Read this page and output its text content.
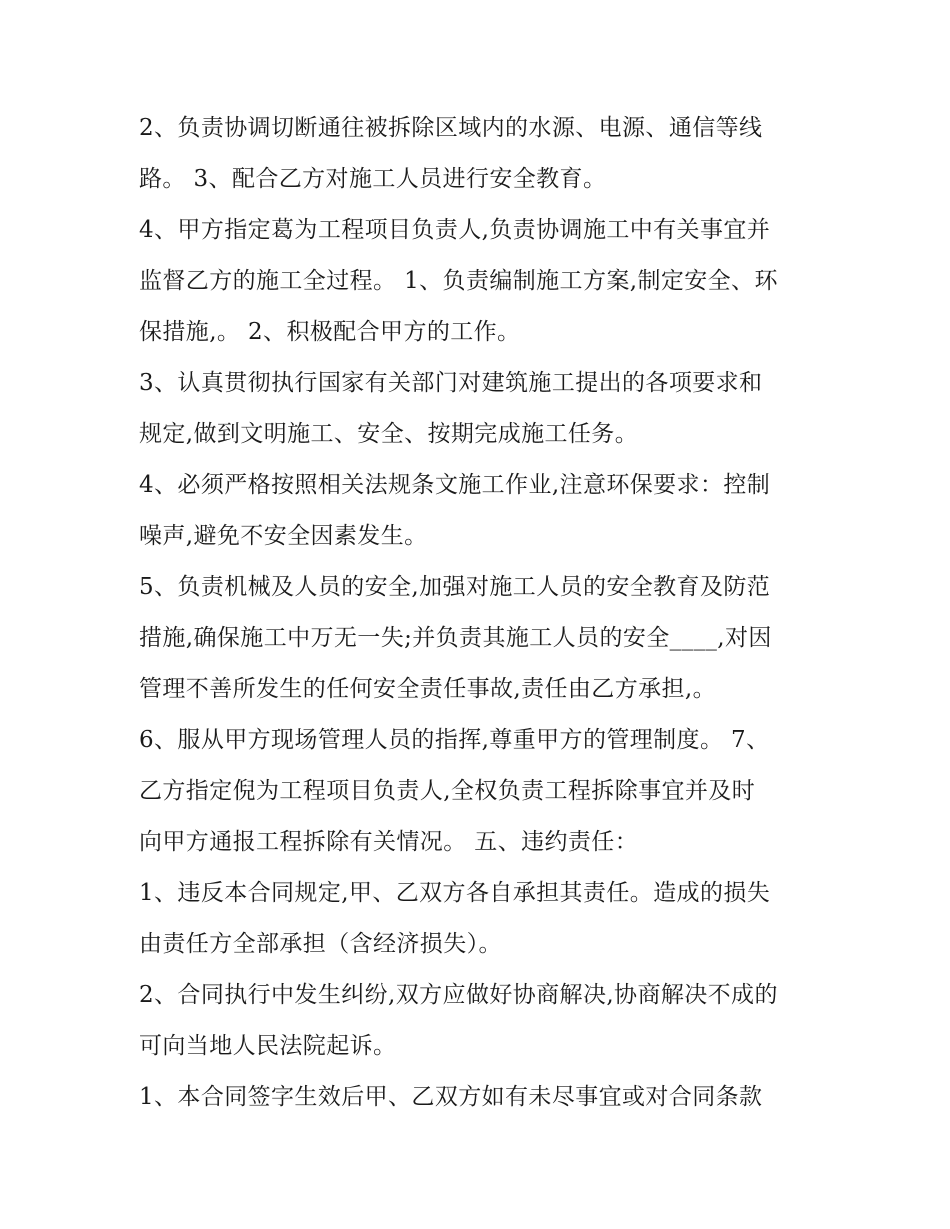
2、负责协调切断通往被拆除区域内的水源、电源、通信等线
路。 3、配合乙方对施工人员进行安全教育。
4、甲方指定葛为工程项目负责人,负责协调施工中有关事宜并
监督乙方的施工全过程。 1、负责编制施工方案,制定安全、环
保措施,。 2、积极配合甲方的工作。
3、认真贯彻执行国家有关部门对建筑施工提出的各项要求和
规定,做到文明施工、安全、按期完成施工任务。
4、必须严格按照相关法规条文施工作业,注意环保要求：控制
噪声,避免不安全因素发生。
5、负责机械及人员的安全,加强对施工人员的安全教育及防范
措施,确保施工中万无一失;并负责其施工人员的安全____,对因
管理不善所发生的任何安全责任事故,责任由乙方承担,。
6、服从甲方现场管理人员的指挥,尊重甲方的管理制度。 7、
乙方指定倪为工程项目负责人,全权负责工程拆除事宜并及时
向甲方通报工程拆除有关情况。 五、违约责任：
1、违反本合同规定,甲、乙双方各自承担其责任。造成的损失
由责任方全部承担（含经济损失）。
2、合同执行中发生纠纷,双方应做好协商解决,协商解决不成的
可向当地人民法院起诉。
1、本合同签字生效后甲、乙双方如有未尽事宜或对合同条款
